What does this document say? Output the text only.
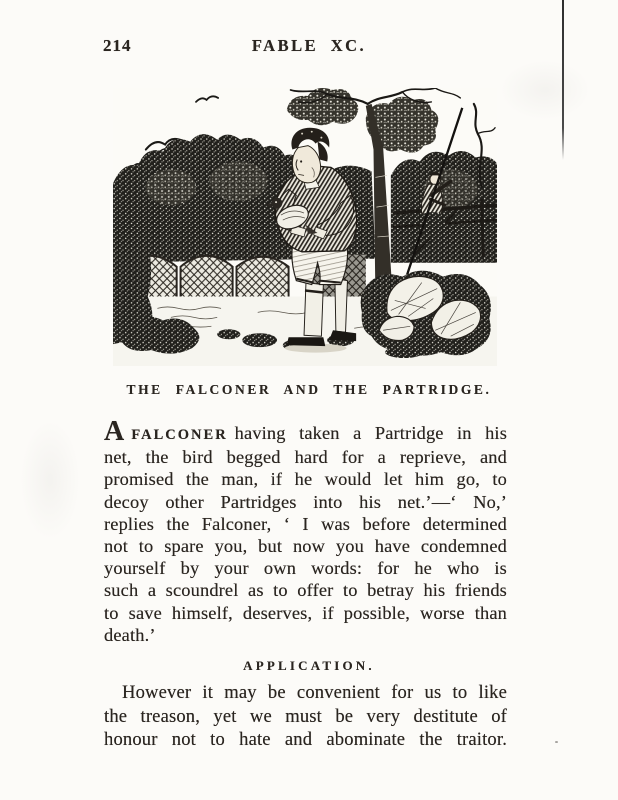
214	FABLE XC.
THE FALCONER AND THE PARTRIDGE.
AFALCONER having taken a Partridge in his
net, the bird begged hard for a reprieve, and
promised the man, if he would let him go, to
decoy other Partridges into his net.’—‘ No,’
replies the Falconer, ‘ I was before determined
not to spare you, but now you have condemned
yourself by your own words: for he who is
such a scoundrel as to offer to betray his friends
to save himself, deserves, if possible, worse than
death.’
APPLICATION.
However it may be convenient for us to like
the treason, yet we must be very destitute of
honour not to hate and abominate the traitor.
